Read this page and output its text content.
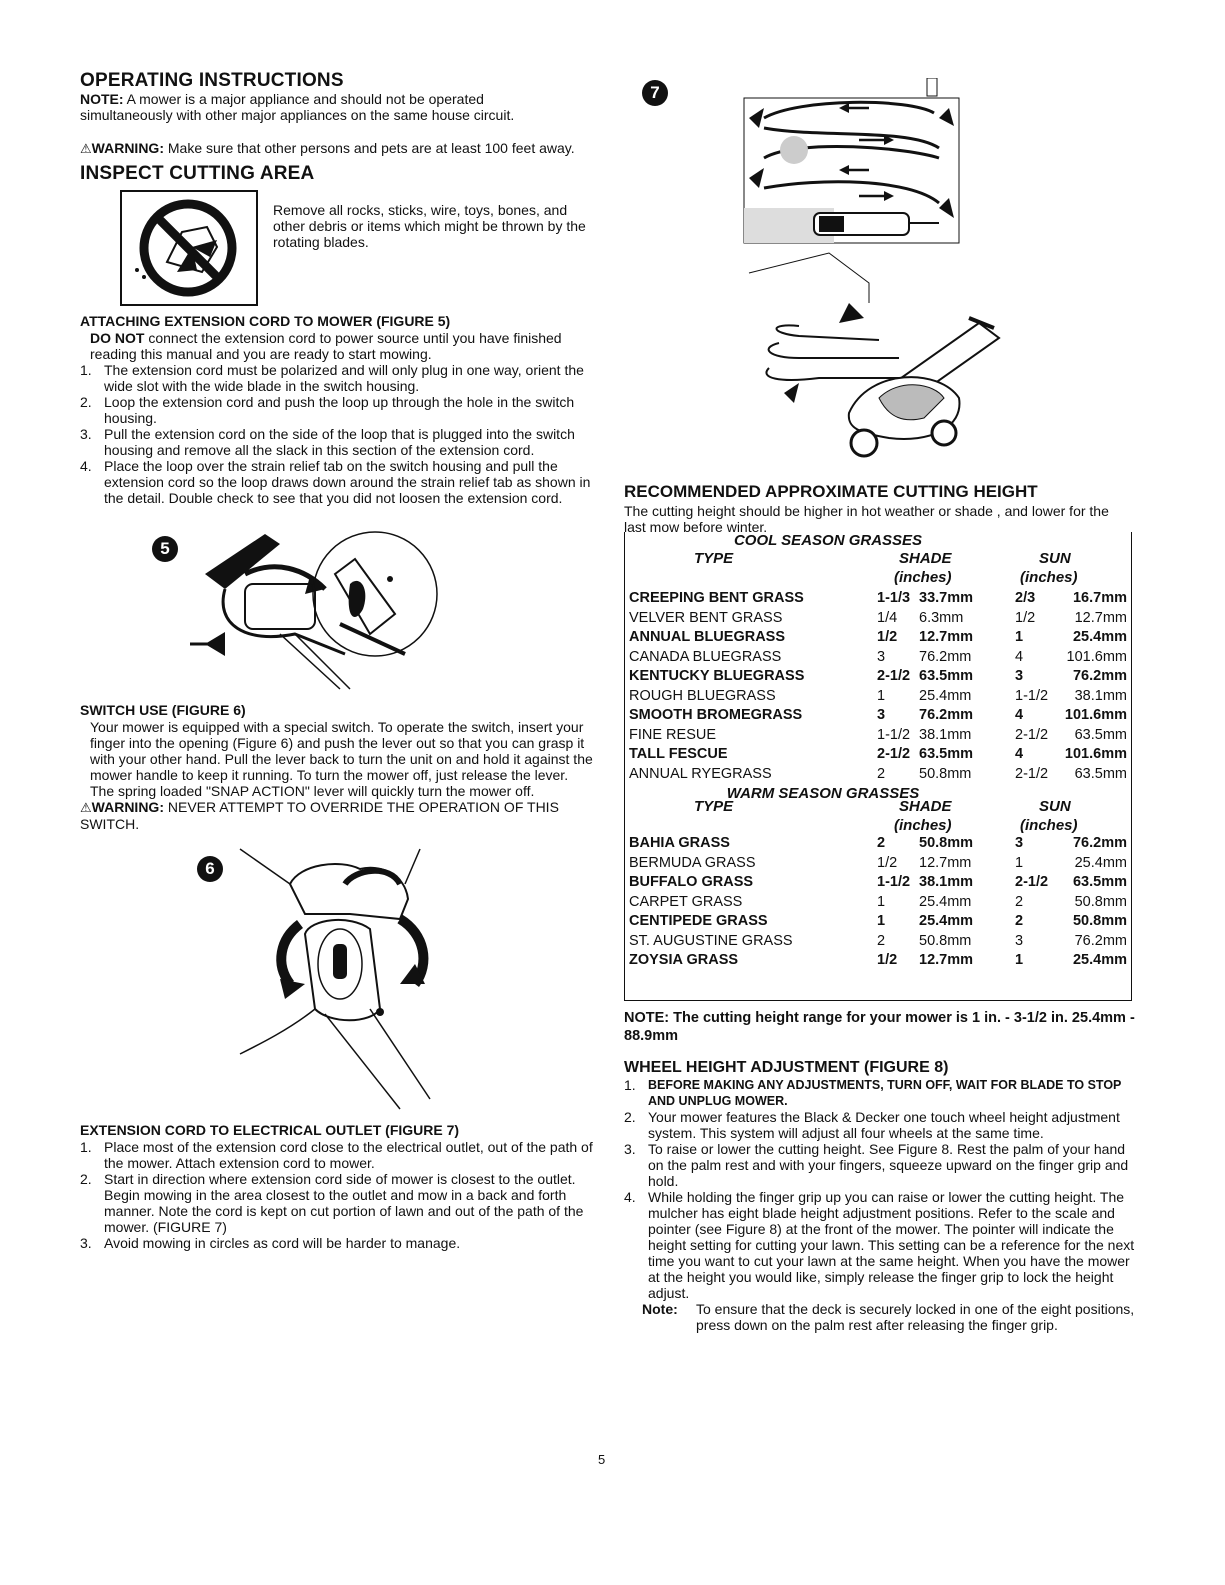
OPERATING INSTRUCTIONS

NOTE: A mower is a major appliance and should not be operated simultaneously with other major appliances on the same house circuit.

⚠WARNING: Make sure that other persons and pets are at least 100 feet away.

INSPECT CUTTING AREA

Remove all rocks, sticks, wire, toys, bones, and other debris or items which might be thrown by the rotating blades.

ATTACHING EXTENSION CORD TO MOWER (FIGURE 5)

DO NOT connect the extension cord to power source until you have finished reading this manual and you are ready to start mowing.

1. The extension cord must be polarized and will only plug in one way, orient the wide slot with the wide blade in the switch housing.
2. Loop the extension cord and push the loop up through the hole in the switch housing.
3. Pull the extension cord on the side of the loop that is plugged into the switch housing and remove all the slack in this section of the extension cord.
4. Place the loop over the strain relief tab on the switch housing and pull the extension cord so the loop draws down around the strain relief tab as shown in the detail. Double check to see that you did not loosen the extension cord.
5
SWITCH USE (FIGURE 6)

Your mower is equipped with a special switch. To operate the switch, insert your finger into the opening (Figure 6) and push the lever out so that you can grasp it with your other hand. Pull the lever back to turn the unit on and hold it against the mower handle to keep it running. To turn the mower off, just release the lever. The spring loaded "SNAP ACTION" lever will quickly turn the mower off.

⚠WARNING: NEVER ATTEMPT TO OVERRIDE THE OPERATION OF THIS SWITCH.

6
EXTENSION CORD TO ELECTRICAL OUTLET (FIGURE 7)
1. Place most of the extension cord close to the electrical outlet, out of the path of the mower. Attach extension cord to mower.
2. Start in direction where extension cord side of mower is closest to the outlet. Begin mowing in the area closest to the outlet and mow in a back and forth manner. Note the cord is kept on cut portion of lawn and out of the path of the mower. (FIGURE 7)
3. Avoid mowing in circles as cord will be harder to manage.
7
RECOMMENDED APPROXIMATE CUTTING HEIGHT

The cutting height should be higher in hot weather or shade , and lower for the last mow before winter.

COOL SEASON GRASSES
TYPE	SHADE	SUN
(inches)	(inches)
CREEPING BENT GRASS	1-1/3	33.7mm	2/3	16.7mm
VELVER BENT GRASS	1/4	6.3mm	1/2	12.7mm
ANNUAL BLUEGRASS	1/2	12.7mm	1	25.4mm
CANADA BLUEGRASS	3	76.2mm	4	101.6mm
KENTUCKY BLUEGRASS	2-1/2	63.5mm	3	76.2mm
ROUGH BLUEGRASS	1	25.4mm	1-1/2	38.1mm
SMOOTH BROMEGRASS	3	76.2mm	4	101.6mm
FINE RESUE	1-1/2	38.1mm	2-1/2	63.5mm
TALL FESCUE	2-1/2	63.5mm	4	101.6mm
ANNUAL RYEGRASS	2	50.8mm	2-1/2	63.5mm
WARM SEASON GRASSES
TYPE	SHADE	SUN
(inches)	(inches)
BAHIA GRASS	2	50.8mm	3	76.2mm
BERMUDA GRASS	1/2	12.7mm	1	25.4mm
BUFFALO GRASS	1-1/2	38.1mm	2-1/2	63.5mm
CARPET GRASS	1	25.4mm	2	50.8mm
CENTIPEDE GRASS	1	25.4mm	2	50.8mm
ST. AUGUSTINE GRASS	2	50.8mm	3	76.2mm
ZOYSIA GRASS	1/2	12.7mm	1	25.4mm

NOTE: The cutting height range for your mower is 1 in. - 3-1/2 in. 25.4mm - 88.9mm

WHEEL HEIGHT ADJUSTMENT (FIGURE 8)
1. BEFORE MAKING ANY ADJUSTMENTS, TURN OFF, WAIT FOR BLADE TO STOP AND UNPLUG MOWER.
2. Your mower features the Black & Decker one touch wheel height adjustment system. This system will adjust all four wheels at the same time.
3. To raise or lower the cutting height. See Figure 8. Rest the palm of your hand on the palm rest and with your fingers, squeeze upward on the finger grip and hold.
4. While holding the finger grip up you can raise or lower the cutting height. The mulcher has eight blade height adjustment positions. Refer to the scale and pointer (see Figure 8) at the front of the mower. The pointer will indicate the height setting for cutting your lawn. This setting can be a reference for the next time you want to cut your lawn at the same height. When you have the mower at the height you would like, simply release the finger grip to lock the height adjust.
Note: To ensure that the deck is securely locked in one of the eight positions, press down on the palm rest after releasing the finger grip.

5
